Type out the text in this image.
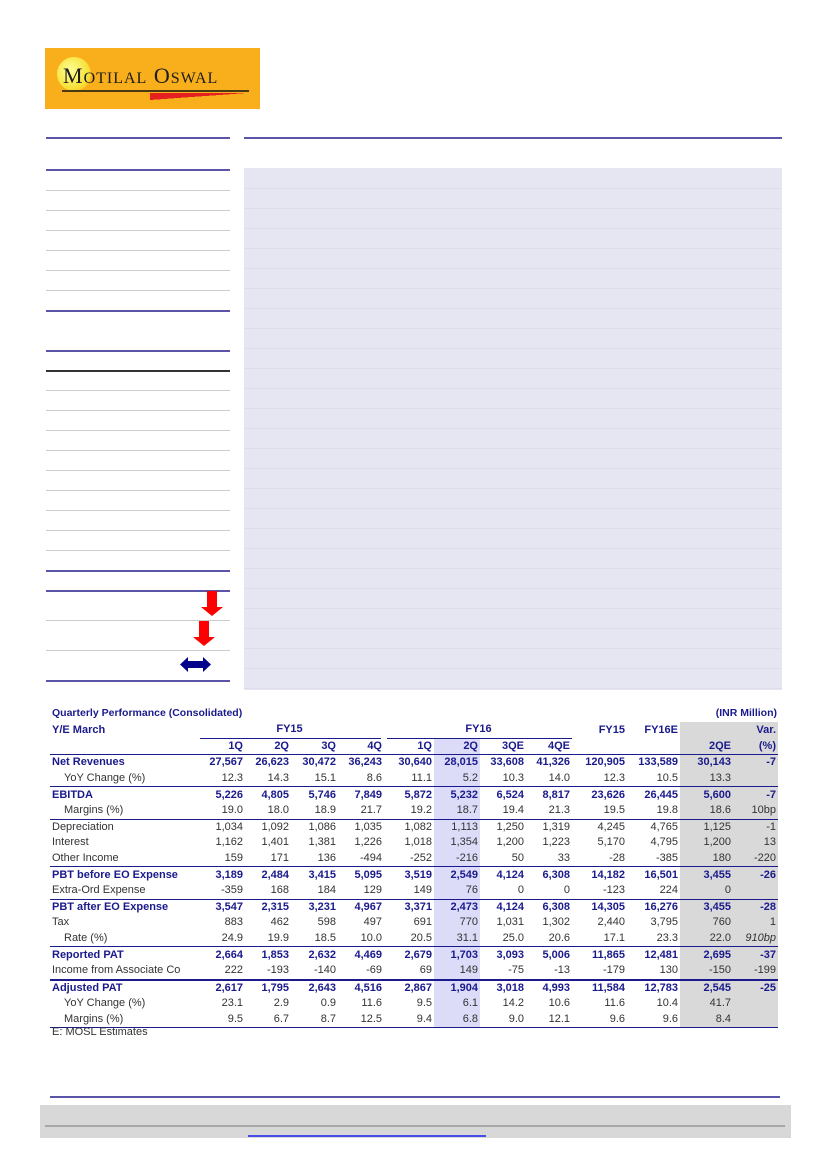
MOTILAL OSWAL
Quarterly Performance (Consolidated)	(INR Million)
Y/E March	FY15				FY16				FY15	FY16E		Var.
	1Q	2Q	3Q	4Q	1Q	2Q	3QE	4QE			2QE	(%)
Net Revenues	27,567	26,623	30,472	36,243	30,640	28,015	33,608	41,326	120,905	133,589	30,143	-7
YoY Change (%)	12.3	14.3	15.1	8.6	11.1	5.2	10.3	14.0	12.3	10.5	13.3	
EBITDA	5,226	4,805	5,746	7,849	5,872	5,232	6,524	8,817	23,626	26,445	5,600	-7
Margins (%)	19.0	18.0	18.9	21.7	19.2	18.7	19.4	21.3	19.5	19.8	18.6	10bp
Depreciation	1,034	1,092	1,086	1,035	1,082	1,113	1,250	1,319	4,245	4,765	1,125	-1
Interest	1,162	1,401	1,381	1,226	1,018	1,354	1,200	1,223	5,170	4,795	1,200	13
Other Income	159	171	136	-494	-252	-216	50	33	-28	-385	180	-220
PBT before EO Expense	3,189	2,484	3,415	5,095	3,519	2,549	4,124	6,308	14,182	16,501	3,455	-26
Extra-Ord Expense	-359	168	184	129	149	76	0	0	-123	224	0	
PBT after EO Expense	3,547	2,315	3,231	4,967	3,371	2,473	4,124	6,308	14,305	16,276	3,455	-28
Tax	883	462	598	497	691	770	1,031	1,302	2,440	3,795	760	1
Rate (%)	24.9	19.9	18.5	10.0	20.5	31.1	25.0	20.6	17.1	23.3	22.0	910bp
Reported PAT	2,664	1,853	2,632	4,469	2,679	1,703	3,093	5,006	11,865	12,481	2,695	-37
Income from Associate Co	222	-193	-140	-69	69	149	-75	-13	-179	130	-150	-199
Adjusted PAT	2,617	1,795	2,643	4,516	2,867	1,904	3,018	4,993	11,584	12,783	2,545	-25
YoY Change (%)	23.1	2.9	0.9	11.6	9.5	6.1	14.2	10.6	11.6	10.4	41.7	
Margins (%)	9.5	6.7	8.7	12.5	9.4	6.8	9.0	12.1	9.6	9.6	8.4	
E: MOSL Estimates
